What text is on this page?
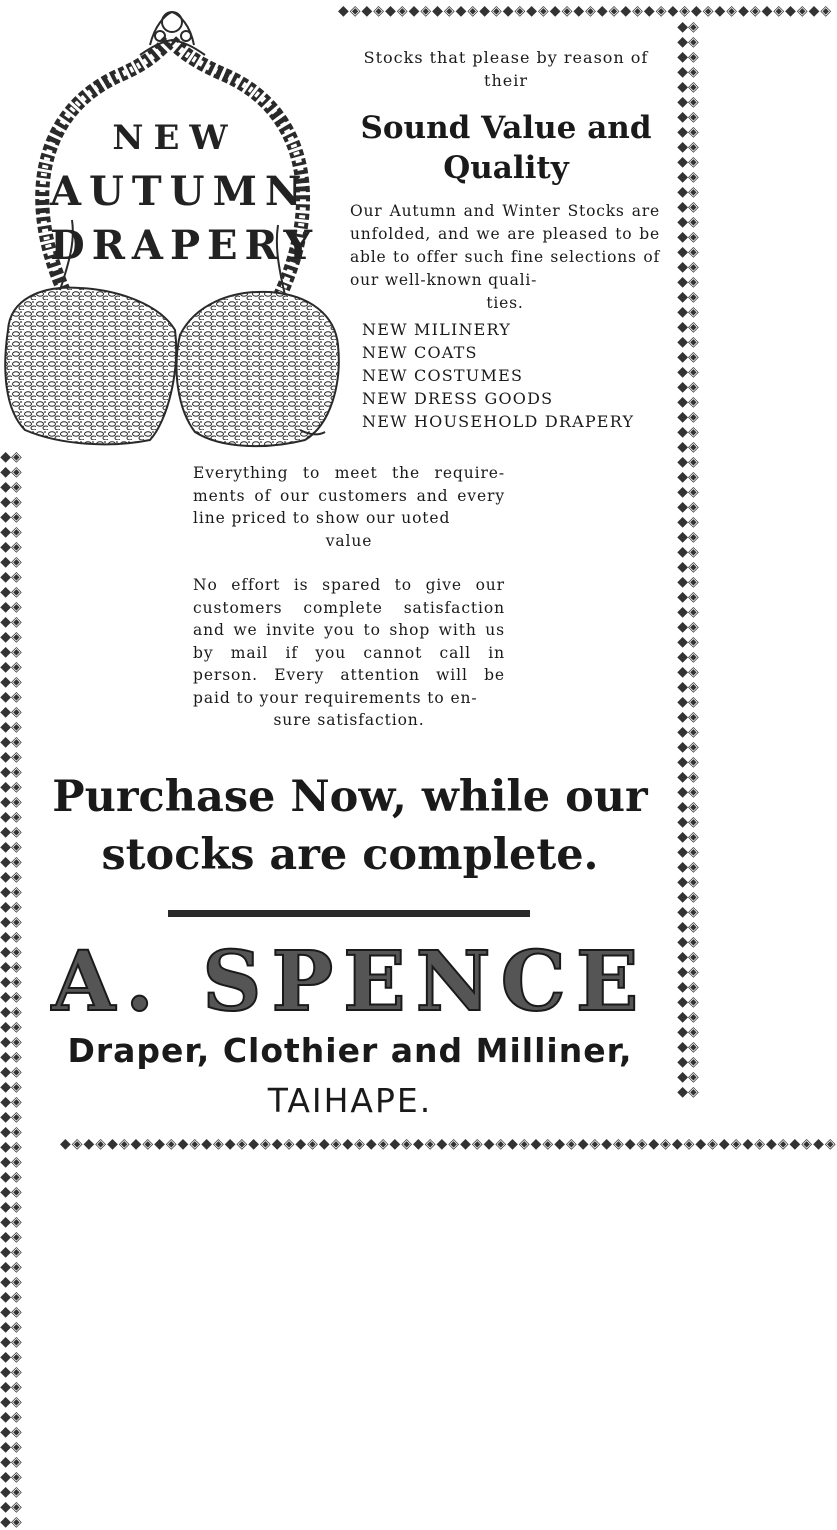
◆◈◆◈◆◈◆◈◆◈◆◈◆◈◆◈◆◈◆◈◆◈◆◈◆◈◆◈◆◈◆◈◆◈◆◈◆◈◆◈◆◈
◆◈◆◈◆◈◆◈◆◈◆◈◆◈◆◈◆◈◆◈◆◈◆◈◆◈◆◈◆◈◆◈◆◈◆◈◆◈◆◈◆◈◆◈◆◈◆◈◆◈◆◈◆◈◆◈◆◈◆◈◆◈◆◈◆◈◆◈◆◈◆◈◆◈◆◈◆◈◆◈◆◈◆◈◆◈◆◈◆◈◆◈◆◈◆◈◆◈◆◈◆◈◆◈◆◈◆◈◆◈◆◈◆◈◆◈◆◈◆◈◆◈◆◈◆◈◆◈◆◈◆◈◆◈◆◈◆◈◆◈◆◈◆◈
◆◈◆◈◆◈◆◈◆◈◆◈◆◈◆◈◆◈◆◈◆◈◆◈◆◈◆◈◆◈◆◈◆◈◆◈◆◈◆◈◆◈◆◈◆◈◆◈◆◈◆◈◆◈◆◈◆◈◆◈◆◈◆◈◆◈◆◈◆◈◆◈◆◈◆◈◆◈◆◈◆◈◆◈◆◈◆◈◆◈◆◈◆◈◆◈◆◈◆◈◆◈◆◈◆◈◆◈◆◈◆◈◆◈◆◈◆◈◆◈◆◈◆◈◆◈◆◈◆◈◆◈◆◈◆◈◆◈◆◈◆◈◆◈
◆◈◆◈◆◈◆◈◆◈◆◈◆◈◆◈◆◈◆◈◆◈◆◈◆◈◆◈◆◈◆◈◆◈◆◈◆◈◆◈◆◈◆◈◆◈◆◈◆◈◆◈◆◈◆◈◆◈◆◈◆◈◆◈◆◈
NEW
AUTUMN
DRAPERY
Stocks that please by reason of their
Sound Value and Quality
Our Autumn and Winter Stocks are unfolded, and we are pleased to be able to offer such fine selections of our well-known quali-
ties.
NEW MILINERY
NEW COATS
NEW COSTUMES
NEW DRESS GOODS
NEW HOUSEHOLD DRAPERY
Everything to meet the require- ments of our customers and every line priced to show our uoted
value
No effort is spared to give our customers complete satisfaction and we invite you to shop with us by mail if you cannot call in person. Every attention will be paid to your requirements to en-
sure satisfaction.
Purchase Now, while our stocks are complete.
A. SPENCE
Draper, Clothier and Milliner,
TAIHAPE.
